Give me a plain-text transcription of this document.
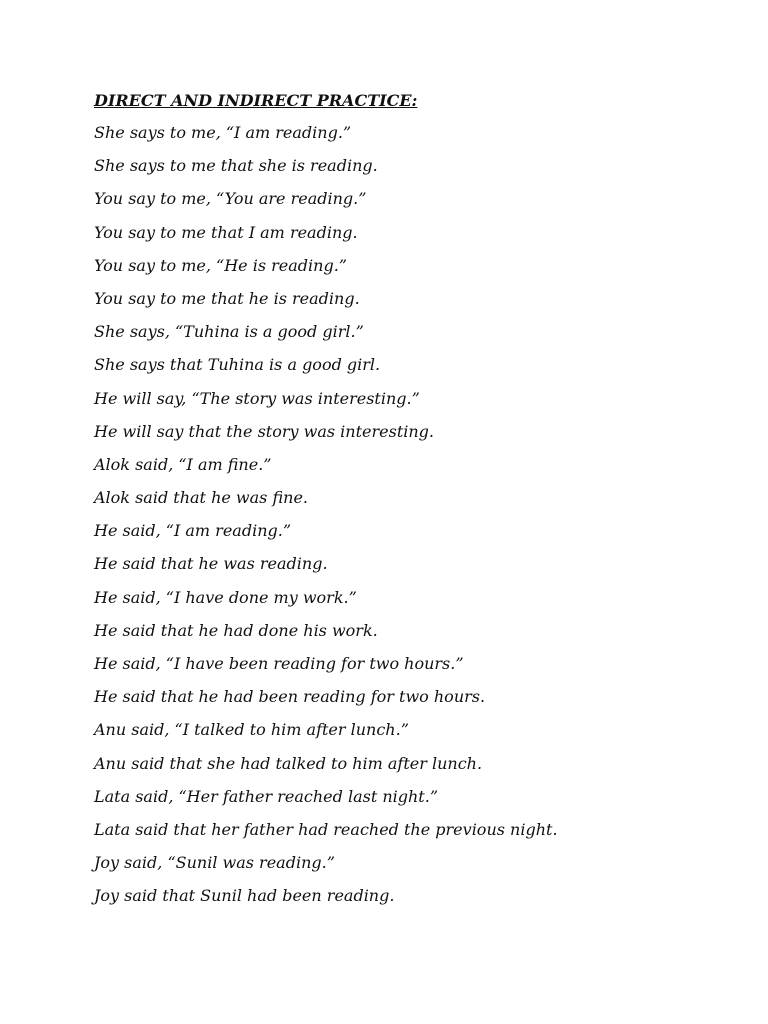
DIRECT AND INDIRECT PRACTICE:
She says to me, “I am reading.”
She says to me that she is reading.
You say to me, “You are reading.”
You say to me that I am reading.
You say to me, “He is reading.”
You say to me that he is reading.
She says, “Tuhina is a good girl.”
She says that Tuhina is a good girl.
He will say, “The story was interesting.”
He will say that the story was interesting.
Alok said, “I am fine.”
Alok said that he was fine.
He said, “I am reading.”
He said that he was reading.
He said, “I have done my work.”
He said that he had done his work.
He said, “I have been reading for two hours.”
He said that he had been reading for two hours.
Anu said, “I talked to him after lunch.”
Anu said that she had talked to him after lunch.
Lata said, “Her father reached last night.”
Lata said that her father had reached the previous night.
Joy said, “Sunil was reading.”
Joy said that Sunil had been reading.
